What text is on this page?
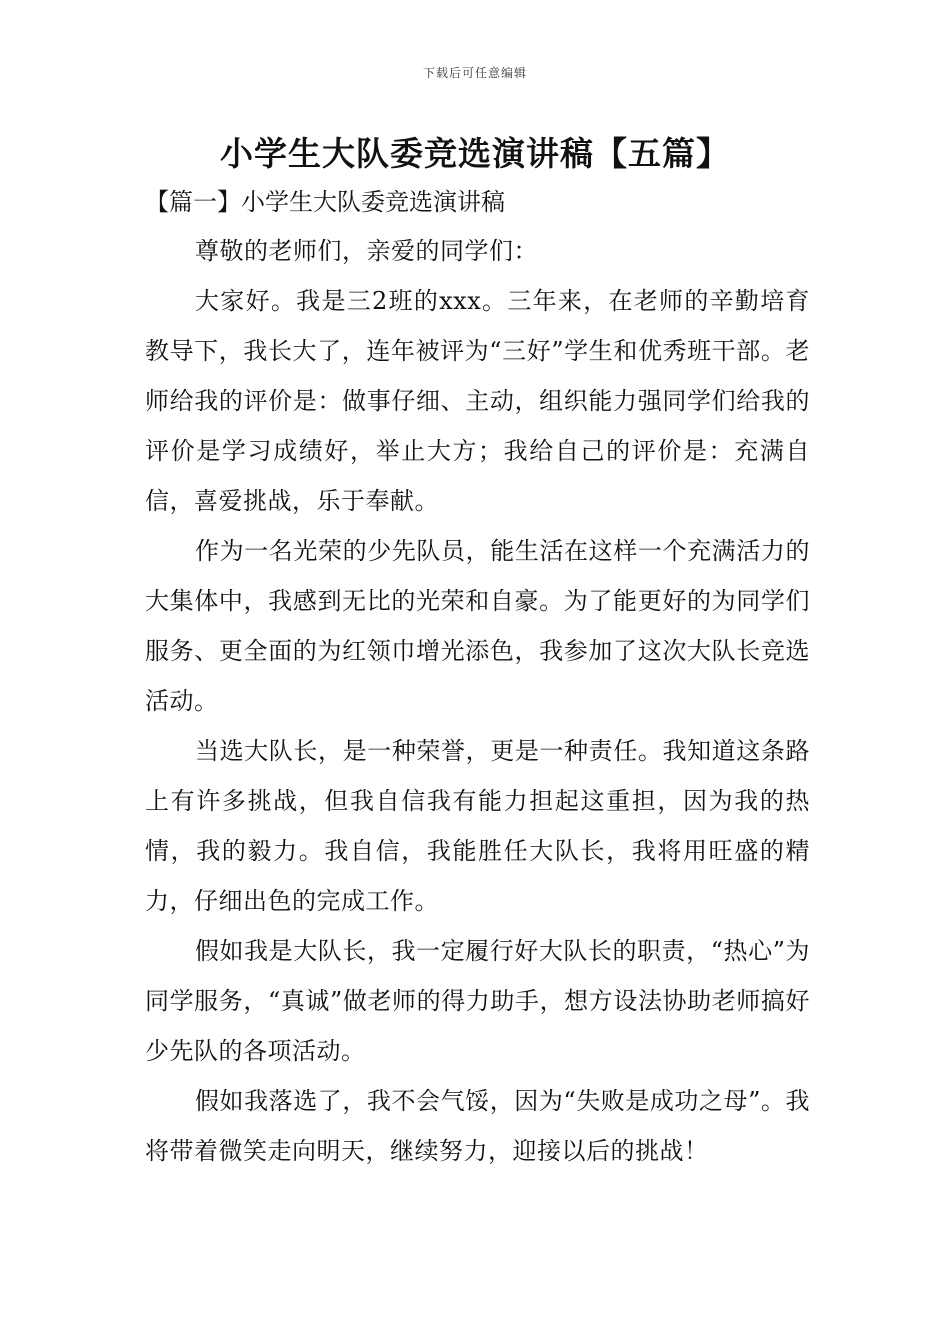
下载后可任意编辑
小学生大队委竞选演讲稿【五篇】
【篇一】小学生大队委竞选演讲稿

尊敬的老师们，亲爱的同学们：

大家好。我是三2班的xxx。三年来，在老师的辛勤培育教导下，我长大了，连年被评为“三好”学生和优秀班干部。老师给我的评价是：做事仔细、主动，组织能力强同学们给我的评价是学习成绩好，举止大方；我给自己的评价是：充满自信，喜爱挑战，乐于奉献。

作为一名光荣的少先队员，能生活在这样一个充满活力的大集体中，我感到无比的光荣和自豪。为了能更好的为同学们服务、更全面的为红领巾增光添色，我参加了这次大队长竞选活动。

当选大队长，是一种荣誉，更是一种责任。我知道这条路上有许多挑战，但我自信我有能力担起这重担，因为我的热情，我的毅力。我自信，我能胜任大队长，我将用旺盛的精力，仔细出色的完成工作。

假如我是大队长，我一定履行好大队长的职责，“热心”为同学服务，“真诚”做老师的得力助手，想方设法协助老师搞好少先队的各项活动。

假如我落选了，我不会气馁，因为“失败是成功之母”。我将带着微笑走向明天，继续努力，迎接以后的挑战！
